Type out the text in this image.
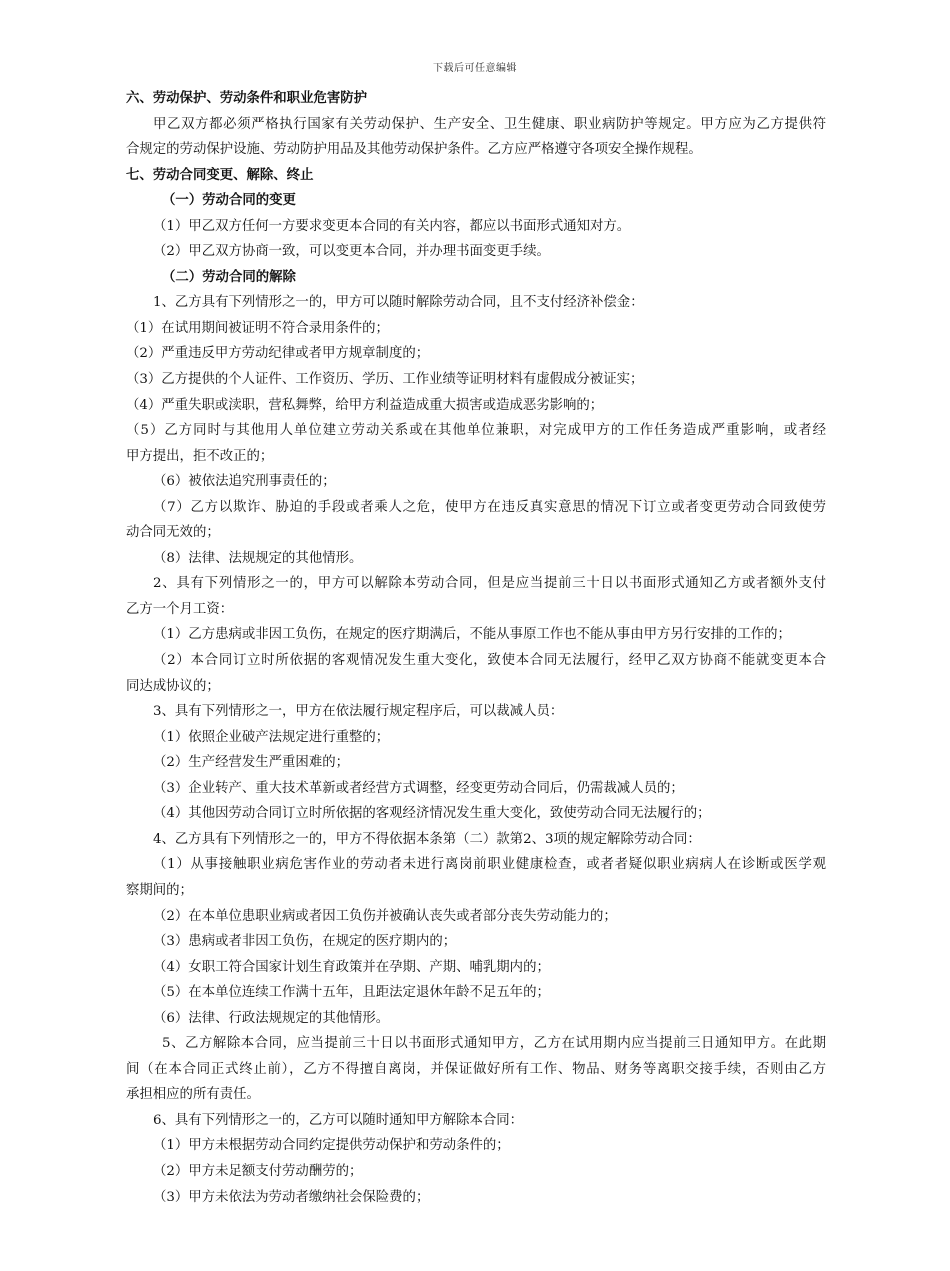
下载后可任意编辑
六、劳动保护、劳动条件和职业危害防护
甲乙双方都必须严格执行国家有关劳动保护、生产安全、卫生健康、职业病防护等规定。甲方应为乙方提供符
合规定的劳动保护设施、劳动防护用品及其他劳动保护条件。乙方应严格遵守各项安全操作规程。
七、劳动合同变更、解除、终止
（一）劳动合同的变更
（1）甲乙双方任何一方要求变更本合同的有关内容，都应以书面形式通知对方。
（2）甲乙双方协商一致，可以变更本合同，并办理书面变更手续。
（二）劳动合同的解除
1、乙方具有下列情形之一的，甲方可以随时解除劳动合同，且不支付经济补偿金：
（1）在试用期间被证明不符合录用条件的；
（2）严重违反甲方劳动纪律或者甲方规章制度的；
（3）乙方提供的个人证件、工作资历、学历、工作业绩等证明材料有虚假成分被证实；
（4）严重失职或渎职，营私舞弊，给甲方利益造成重大损害或造成恶劣影响的；
（5）乙方同时与其他用人单位建立劳动关系或在其他单位兼职，对完成甲方的工作任务造成严重影响，或者经
甲方提出，拒不改正的；
（6）被依法追究刑事责任的；
（7）乙方以欺诈、胁迫的手段或者乘人之危，使甲方在违反真实意思的情况下订立或者变更劳动合同致使劳
动合同无效的；
（8）法律、法规规定的其他情形。
2、具有下列情形之一的，甲方可以解除本劳动合同，但是应当提前三十日以书面形式通知乙方或者额外支付
乙方一个月工资：
（1）乙方患病或非因工负伤，在规定的医疗期满后，不能从事原工作也不能从事由甲方另行安排的工作的；
（2）本合同订立时所依据的客观情况发生重大变化，致使本合同无法履行，经甲乙双方协商不能就变更本合
同达成协议的；
3、具有下列情形之一，甲方在依法履行规定程序后，可以裁减人员：
（1）依照企业破产法规定进行重整的；
（2）生产经营发生严重困难的；
（3）企业转产、重大技术革新或者经营方式调整，经变更劳动合同后，仍需裁减人员的；
（4）其他因劳动合同订立时所依据的客观经济情况发生重大变化，致使劳动合同无法履行的；
4、乙方具有下列情形之一的，甲方不得依据本条第（二）款第2、3项的规定解除劳动合同：
（1）从事接触职业病危害作业的劳动者未进行离岗前职业健康检查，或者者疑似职业病病人在诊断或医学观
察期间的；
（2）在本单位患职业病或者因工负伤并被确认丧失或者部分丧失劳动能力的；
（3）患病或者非因工负伤，在规定的医疗期内的；
（4）女职工符合国家计划生育政策并在孕期、产期、哺乳期内的；
（5）在本单位连续工作满十五年，且距法定退休年龄不足五年的；
（6）法律、行政法规规定的其他情形。
5、乙方解除本合同，应当提前三十日以书面形式通知甲方，乙方在试用期内应当提前三日通知甲方。在此期
间（在本合同正式终止前），乙方不得擅自离岗，并保证做好所有工作、物品、财务等离职交接手续，否则由乙方
承担相应的所有责任。
6、具有下列情形之一的，乙方可以随时通知甲方解除本合同：
（1）甲方未根据劳动合同约定提供劳动保护和劳动条件的；
（2）甲方未足额支付劳动酬劳的；
（3）甲方未依法为劳动者缴纳社会保险费的；
